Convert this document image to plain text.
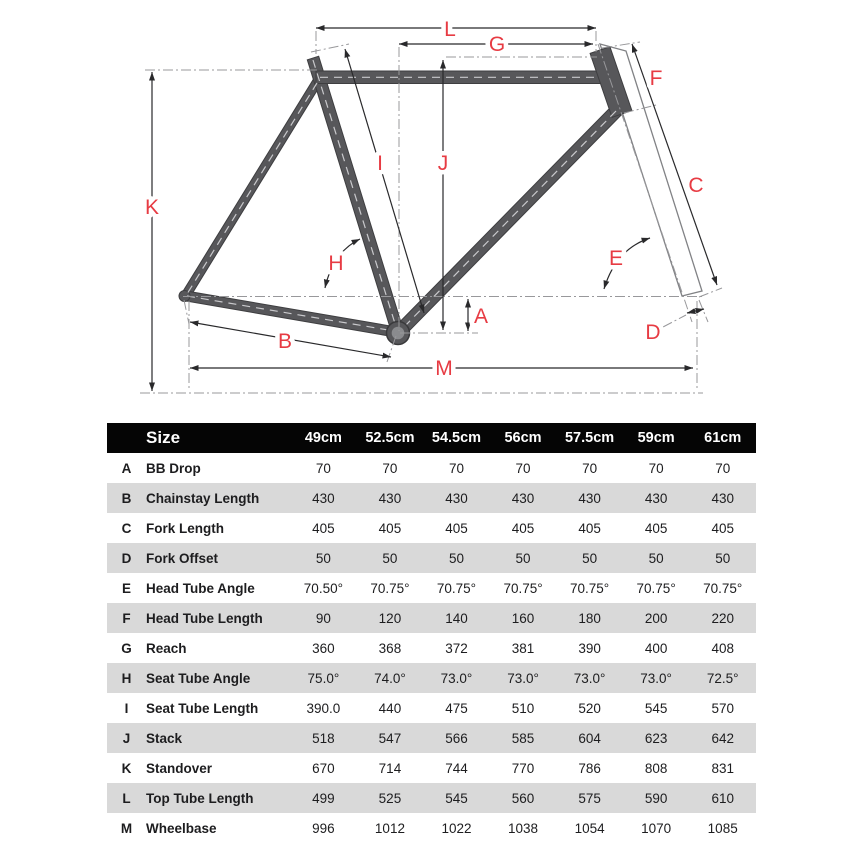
A
B
C
D
E
F
G
H
I	J
K
L
M
	Size	49cm	52.5cm	54.5cm	56cm	57.5cm	59cm	61cm
A	BB Drop	70	70	70	70	70	70	70
B	Chainstay Length	430	430	430	430	430	430	430
C	Fork Length	405	405	405	405	405	405	405
D	Fork Offset	50	50	50	50	50	50	50
E	Head Tube Angle	70.50°	70.75°	70.75°	70.75°	70.75°	70.75°	70.75°
F	Head Tube Length	90	120	140	160	180	200	220
G	Reach	360	368	372	381	390	400	408
H	Seat Tube Angle	75.0°	74.0°	73.0°	73.0°	73.0°	73.0°	72.5°
I	Seat Tube Length	390.0	440	475	510	520	545	570
J	Stack	518	547	566	585	604	623	642
K	Standover	670	714	744	770	786	808	831
L	Top Tube Length	499	525	545	560	575	590	610
M	Wheelbase	996	1012	1022	1038	1054	1070	1085
